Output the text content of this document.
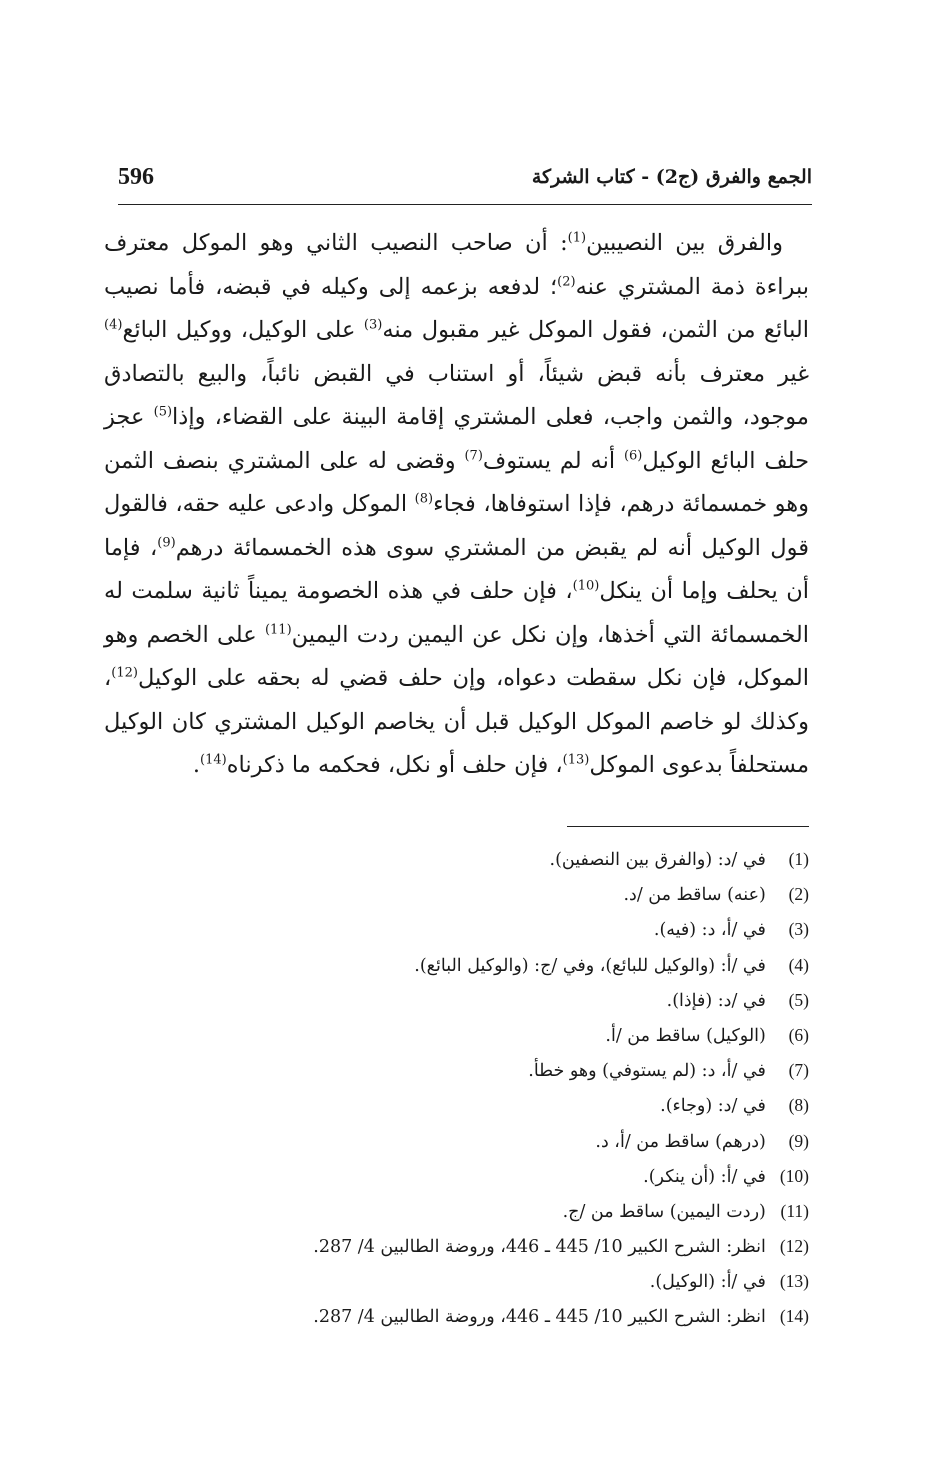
596	الجمع والفرق (ج2) - كتاب الشركة
والفرق بين النصيبين$^{(1)}$: أن صاحب النصيب الثاني وهو الموكل معترف ببراءة ذمة المشتري عنه$^{(2)}$؛ لدفعه بزعمه إلى وكيله في قبضه، فأما نصيب البائع من الثمن، فقول الموكل غير مقبول منه$^{(3)}$ على الوكيل، ووكيل البائع$^{(4)}$ غير معترف بأنه قبض شيئاً، أو استناب في القبض نائباً، والبيع بالتصادق موجود، والثمن واجب، فعلى المشتري إقامة البينة على القضاء، وإذا$^{(5)}$ عجز حلف البائع الوكيل$^{(6)}$ أنه لم يستوف$^{(7)}$ وقضى له على المشتري بنصف الثمن وهو خمسمائة درهم، فإذا استوفاها، فجاء$^{(8)}$ الموكل وادعى عليه حقه، فالقول قول الوكيل أنه لم يقبض من المشتري سوى هذه الخمسمائة درهم$^{(9)}$، فإما أن يحلف وإما أن ينكل$^{(10)}$، فإن حلف في هذه الخصومة يميناً ثانية سلمت له الخمسمائة التي أخذها، وإن نكل عن اليمين ردت اليمين$^{(11)}$ على الخصم وهو الموكل، فإن نكل سقطت دعواه، وإن حلف قضي له بحقه على الوكيل$^{(12)}$، وكذلك لو خاصم الموكل الوكيل قبل أن يخاصم الوكيل المشتري كان الوكيل مستحلفاً بدعوى الموكل$^{(13)}$، فإن حلف أو نكل، فحكمه ما ذكرناه$^{(14)}$.
(1)  في /د: (والفرق بين النصفين).
(2)  (عنه) ساقط من /د.
(3)  في /أ، د: (فيه).
(4)  في /أ: (والوكيل للبائع)، وفي /ج: (والوكيل البائع).
(5)  في /د: (فإذا).
(6)  (الوكيل) ساقط من /أ.
(7)  في /أ، د: (لم يستوفي) وهو خطأ.
(8)  في /د: (وجاء).
(9)  (درهم) ساقط من /أ، د.
(10)  في /أ: (أن ينكر).
(11)  (ردت اليمين) ساقط من /ج.
(12)  انظر: الشرح الكبير 10/ 445 ـ 446، وروضة الطالبين 4/ 287.
(13)  في /أ: (الوكيل).
(14)  انظر: الشرح الكبير 10/ 445 ـ 446، وروضة الطالبين 4/ 287.
